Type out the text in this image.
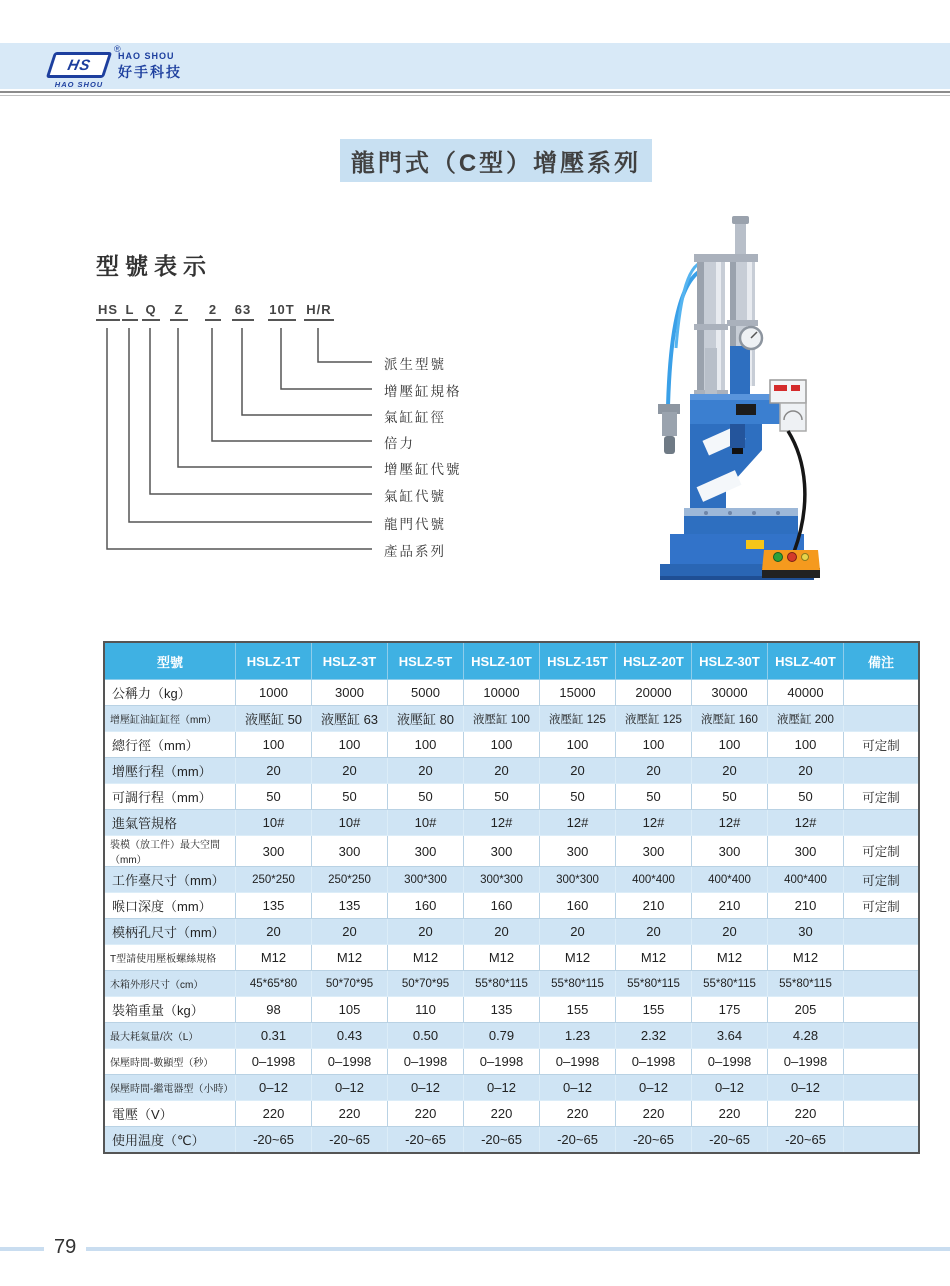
HS
HAO SHOU
®
HAO SHOU
好手科技
龍門式（C型）增壓系列
型號表示
HS L Q	Z	2 63 10T H/R
派生型號
增壓缸規格
氣缸缸徑
倍力
增壓缸代號
氣缸代號
龍門代號
產品系列
型號	HSLZ-1T	HSLZ-3T	HSLZ-5T	HSLZ-10T	HSLZ-15T	HSLZ-20T	HSLZ-30T	HSLZ-40T	備注
公稱力（kg）	1000	3000	5000	10000	15000	20000	30000	40000	
增壓缸油缸缸徑（mm）	液壓缸 50	液壓缸 63	液壓缸 80	液壓缸 100	液壓缸 125	液壓缸 125	液壓缸 160	液壓缸 200	
總行徑（mm）	100	100	100	100	100	100	100	100	可定制
增壓行程（mm）	20	20	20	20	20	20	20	20	
可調行程（mm）	50	50	50	50	50	50	50	50	可定制
進氣管規格	10#	10#	10#	12#	12#	12#	12#	12#	
裝模（放工件）最大空間（mm）	300	300	300	300	300	300	300	300	可定制
工作臺尺寸（mm）	250*250	250*250	300*300	300*300	300*300	400*400	400*400	400*400	可定制
喉口深度（mm）	135	135	160	160	160	210	210	210	可定制
模柄孔尺寸（mm）	20	20	20	20	20	20	20	30	
T型請使用壓板螺絲規格	M12	M12	M12	M12	M12	M12	M12	M12	
木箱外形尺寸（cm）	45*65*80	50*70*95	50*70*95	55*80*115	55*80*115	55*80*115	55*80*115	55*80*115	
裝箱重量（kg）	98	105	110	135	155	155	175	205	
最大耗氣量/次（L）	0.31	0.43	0.50	0.79	1.23	2.32	3.64	4.28	
保壓時間-數顯型（秒）	0–1998	0–1998	0–1998	0–1998	0–1998	0–1998	0–1998	0–1998	
保壓時間-繼電器型（小時）	0–12	0–12	0–12	0–12	0–12	0–12	0–12	0–12	
電壓（V）	220	220	220	220	220	220	220	220	
使用温度（℃）	-20~65	-20~65	-20~65	-20~65	-20~65	-20~65	-20~65	-20~65	
79
